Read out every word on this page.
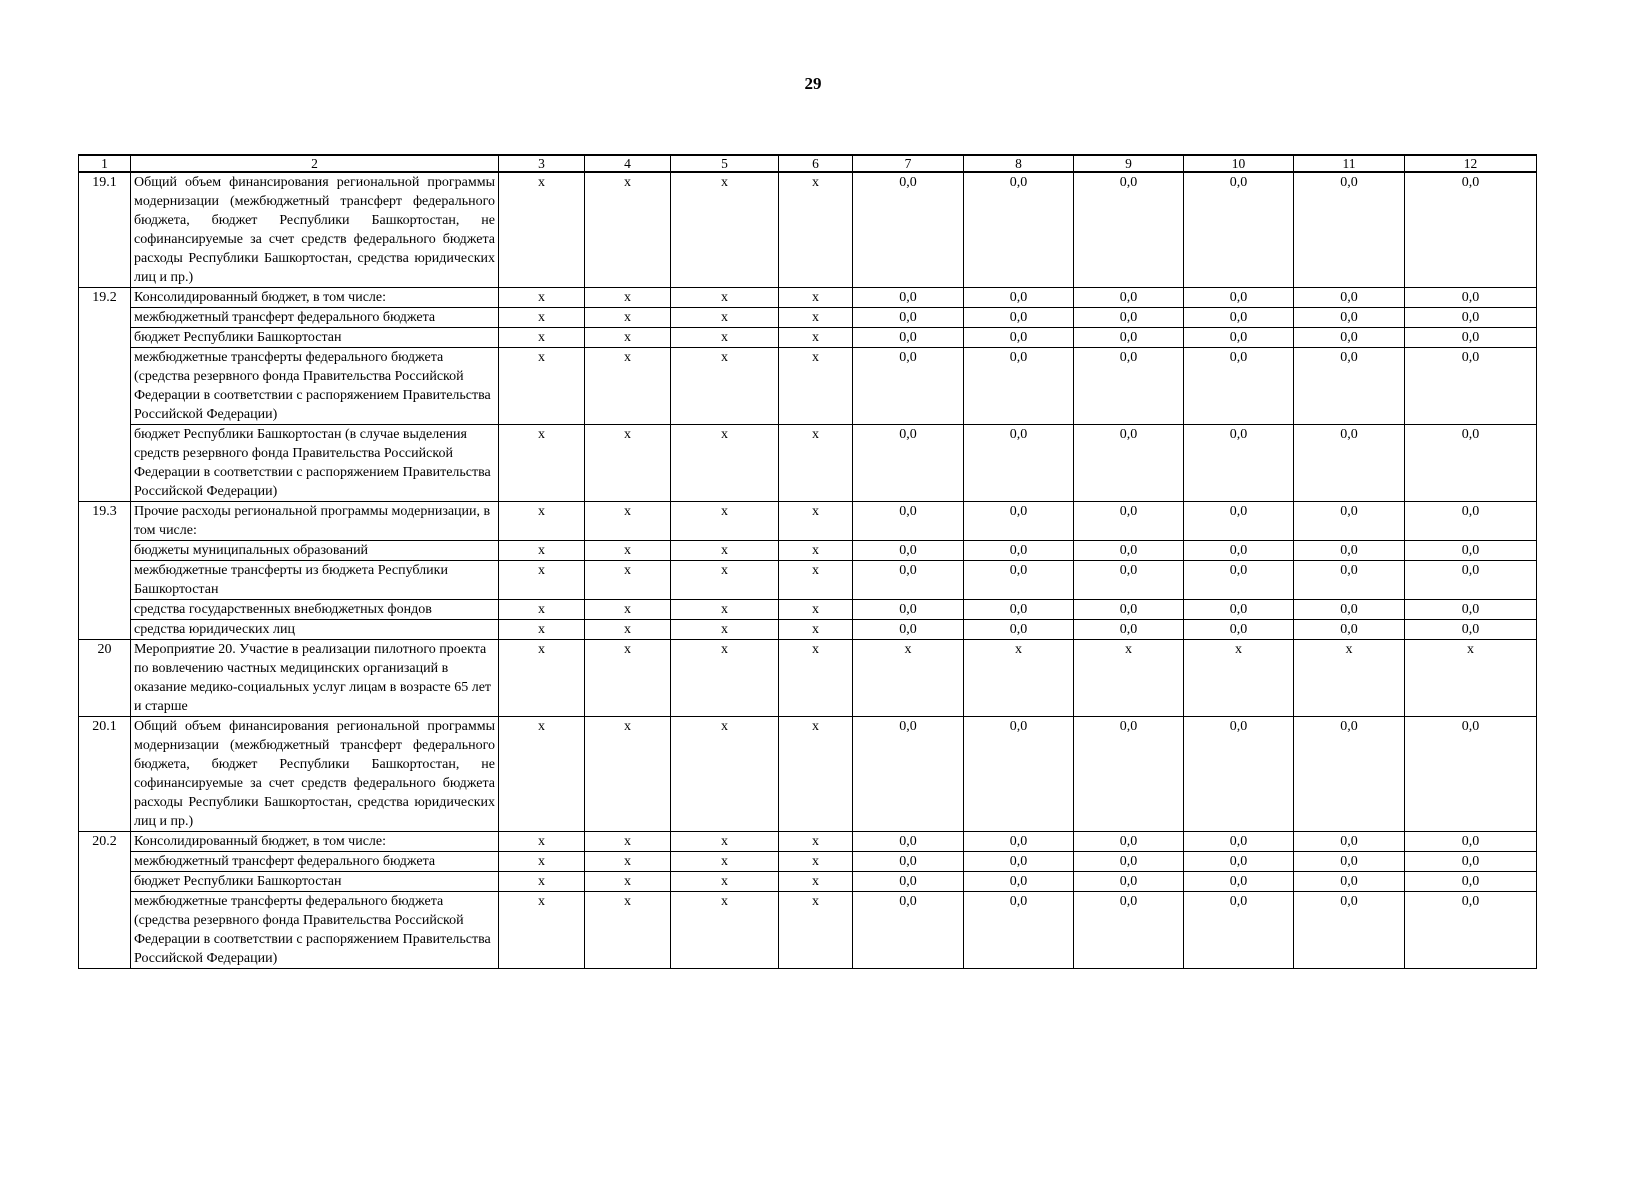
29
1	2	3	4	5	6	7	8	9	10	11	12
19.1	Общий объем финансирования региональной программы модернизации (межбюджетный трансферт федерального бюджета, бюджет Республики Башкортостан, не софинансируемые за счет средств федерального бюджета расходы Республики Башкортостан, средства юридических лиц и пр.)	х	х	х	х	0,0	0,0	0,0	0,0	0,0	0,0
19.2	Консолидированный бюджет, в том числе:	х	х	х	х	0,0	0,0	0,0	0,0	0,0	0,0
	межбюджетный трансферт федерального бюджета	х	х	х	х	0,0	0,0	0,0	0,0	0,0	0,0
	бюджет Республики Башкортостан	х	х	х	х	0,0	0,0	0,0	0,0	0,0	0,0
	межбюджетные трансферты федерального бюджета (средства резервного фонда Правительства Российской Федерации в соответствии с распоряжением Правительства Российской Федерации)	х	х	х	х	0,0	0,0	0,0	0,0	0,0	0,0
	бюджет Республики Башкортостан (в случае выделения средств резервного фонда Правительства Российской Федерации в соответствии с распоряжением Правительства Российской Федерации)	х	х	х	х	0,0	0,0	0,0	0,0	0,0	0,0
19.3	Прочие расходы региональной программы модернизации, в том числе:	х	х	х	х	0,0	0,0	0,0	0,0	0,0	0,0
	бюджеты муниципальных образований	х	х	х	х	0,0	0,0	0,0	0,0	0,0	0,0
	межбюджетные трансферты из бюджета Республики Башкортостан	х	х	х	х	0,0	0,0	0,0	0,0	0,0	0,0
	средства государственных внебюджетных фондов	х	х	х	х	0,0	0,0	0,0	0,0	0,0	0,0
	средства юридических лиц	х	х	х	х	0,0	0,0	0,0	0,0	0,0	0,0
20	Мероприятие 20. Участие в реализации пилотного проекта по вовлечению частных медицинских организаций в оказание медико-социальных услуг лицам в возрасте 65 лет и старше	х	х	х	х	х	х	х	х	х	х
20.1	Общий объем финансирования региональной программы модернизации (межбюджетный трансферт федерального бюджета, бюджет Республики Башкортостан, не софинансируемые за счет средств федерального бюджета расходы Республики Башкортостан, средства юридических лиц и пр.)	х	х	х	х	0,0	0,0	0,0	0,0	0,0	0,0
20.2	Консолидированный бюджет, в том числе:	х	х	х	х	0,0	0,0	0,0	0,0	0,0	0,0
	межбюджетный трансферт федерального бюджета	х	х	х	х	0,0	0,0	0,0	0,0	0,0	0,0
	бюджет Республики Башкортостан	х	х	х	х	0,0	0,0	0,0	0,0	0,0	0,0
	межбюджетные трансферты федерального бюджета (средства резервного фонда Правительства Российской Федерации в соответствии с распоряжением Правительства Российской Федерации)	х	х	х	х	0,0	0,0	0,0	0,0	0,0	0,0
